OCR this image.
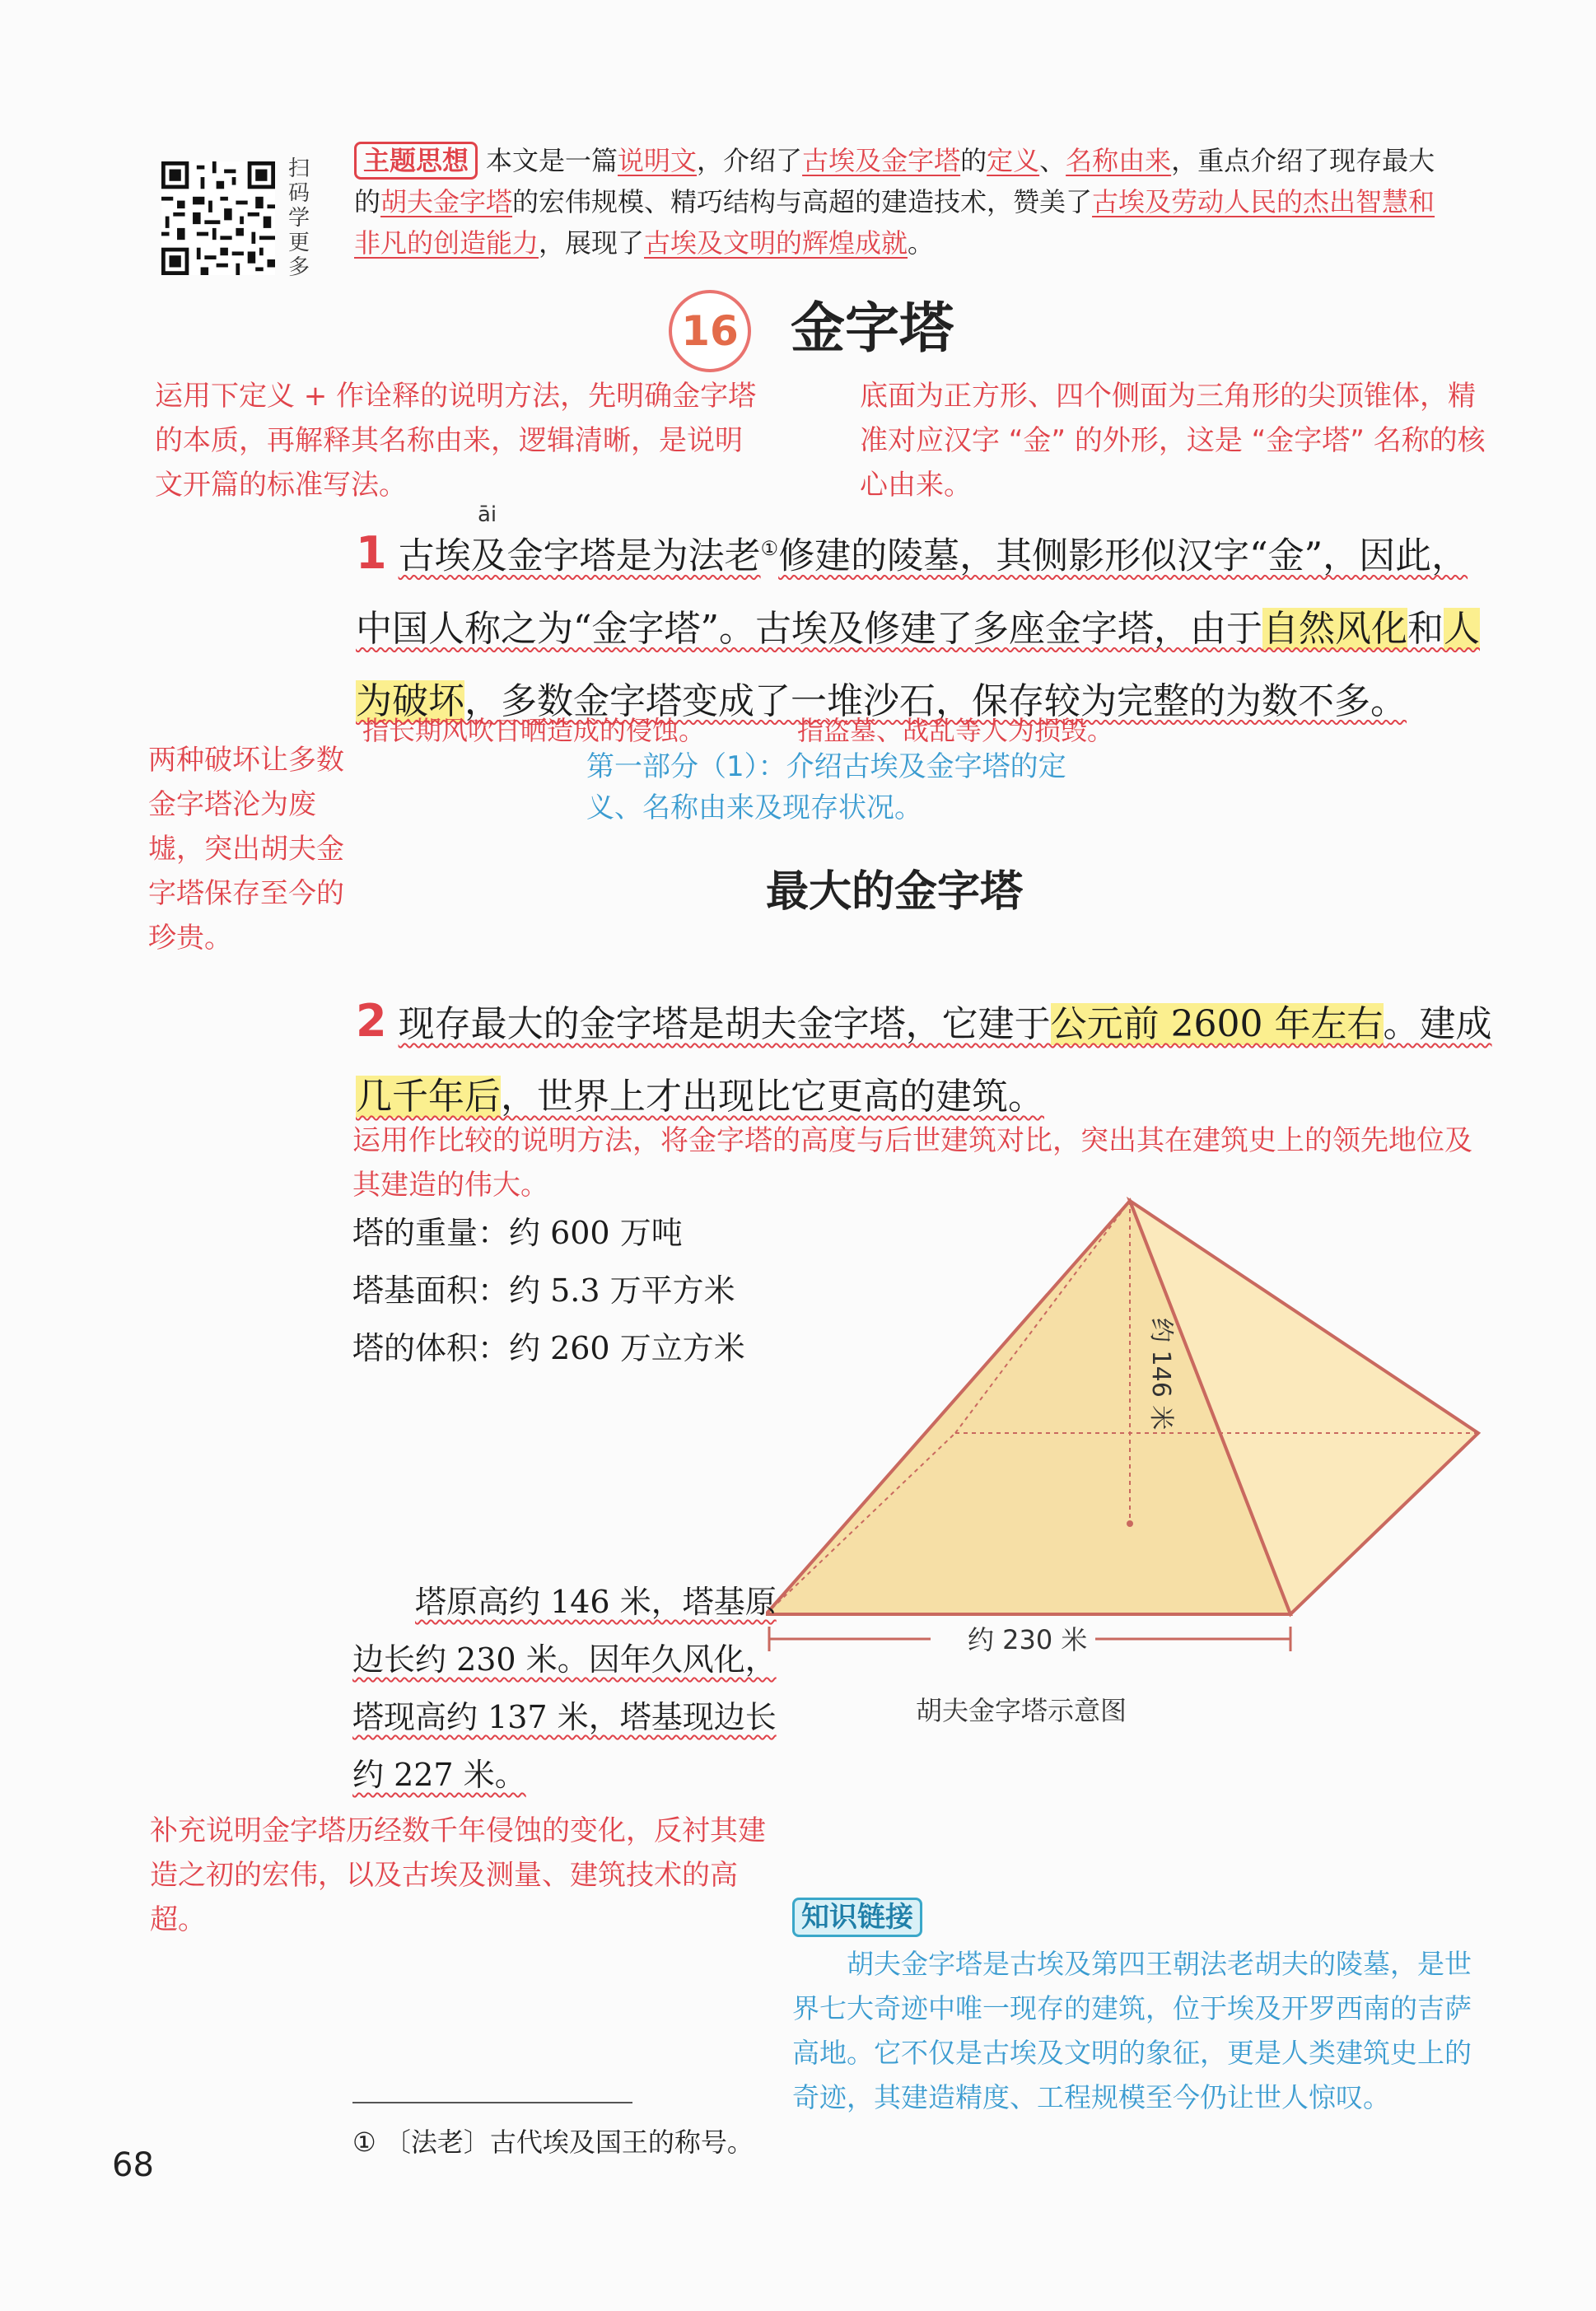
扫
码
学
更
多
主题思想 本文是一篇说明文，介绍了古埃及金字塔的定义、名称由来，重点介绍了现存最大的胡夫金字塔的宏伟规模、精巧结构与高超的建造技术，赞美了古埃及劳动人民的杰出智慧和非凡的创造能力，展现了古埃及文明的辉煌成就。
16 金字塔
运用下定义 + 作诠释的说明方法，先明确金字塔的本质，再解释其名称由来，逻辑清晰，是说明文开篇的标准写法。
底面为正方形、四个侧面为三角形的尖顶锥体，精准对应汉字 “金” 的外形，这是 “金字塔” 名称的核心由来。
āi
1 古埃及金字塔是为法老①修建的陵墓，其侧影形似汉字“金”，因此，中国人称之为“金字塔”。古埃及修建了多座金字塔，由于自然风化和人为破坏，多数金字塔变成了一堆沙石，保存较为完整的为数不多。
指长期风吹日晒造成的侵蚀。	指盗墓、战乱等人为损毁。
两种破坏让多数金字塔沦为废墟，突出胡夫金字塔保存至今的珍贵。
第一部分（1）：介绍古埃及金字塔的定义、名称由来及现存状况。
最大的金字塔
2 现存最大的金字塔是胡夫金字塔，它建于公元前 2600 年左右。建成几千年后，世界上才出现比它更高的建筑。
运用作比较的说明方法，将金字塔的高度与后世建筑对比，突出其在建筑史上的领先地位及其建造的伟大。
塔的重量：约 600 万吨
塔基面积：约 5.3 万平方米
塔的体积：约 260 万立方米	约 146 米
约 230 米
胡夫金字塔示意图
  塔原高约 146 米，塔基原边长约 230 米。因年久风化，塔现高约 137 米，塔基现边长约 227 米。
补充说明金字塔历经数千年侵蚀的变化，反衬其建造之初的宏伟，以及古埃及测量、建筑技术的高超。	知识链接
胡夫金字塔是古埃及第四王朝法老胡夫的陵墓，是世界七大奇迹中唯一现存的建筑，位于埃及开罗西南的吉萨高地。它不仅是古埃及文明的象征，更是人类建筑史上的奇迹，其建造精度、工程规模至今仍让世人惊叹。
① 〔法老〕古代埃及国王的称号。
68
